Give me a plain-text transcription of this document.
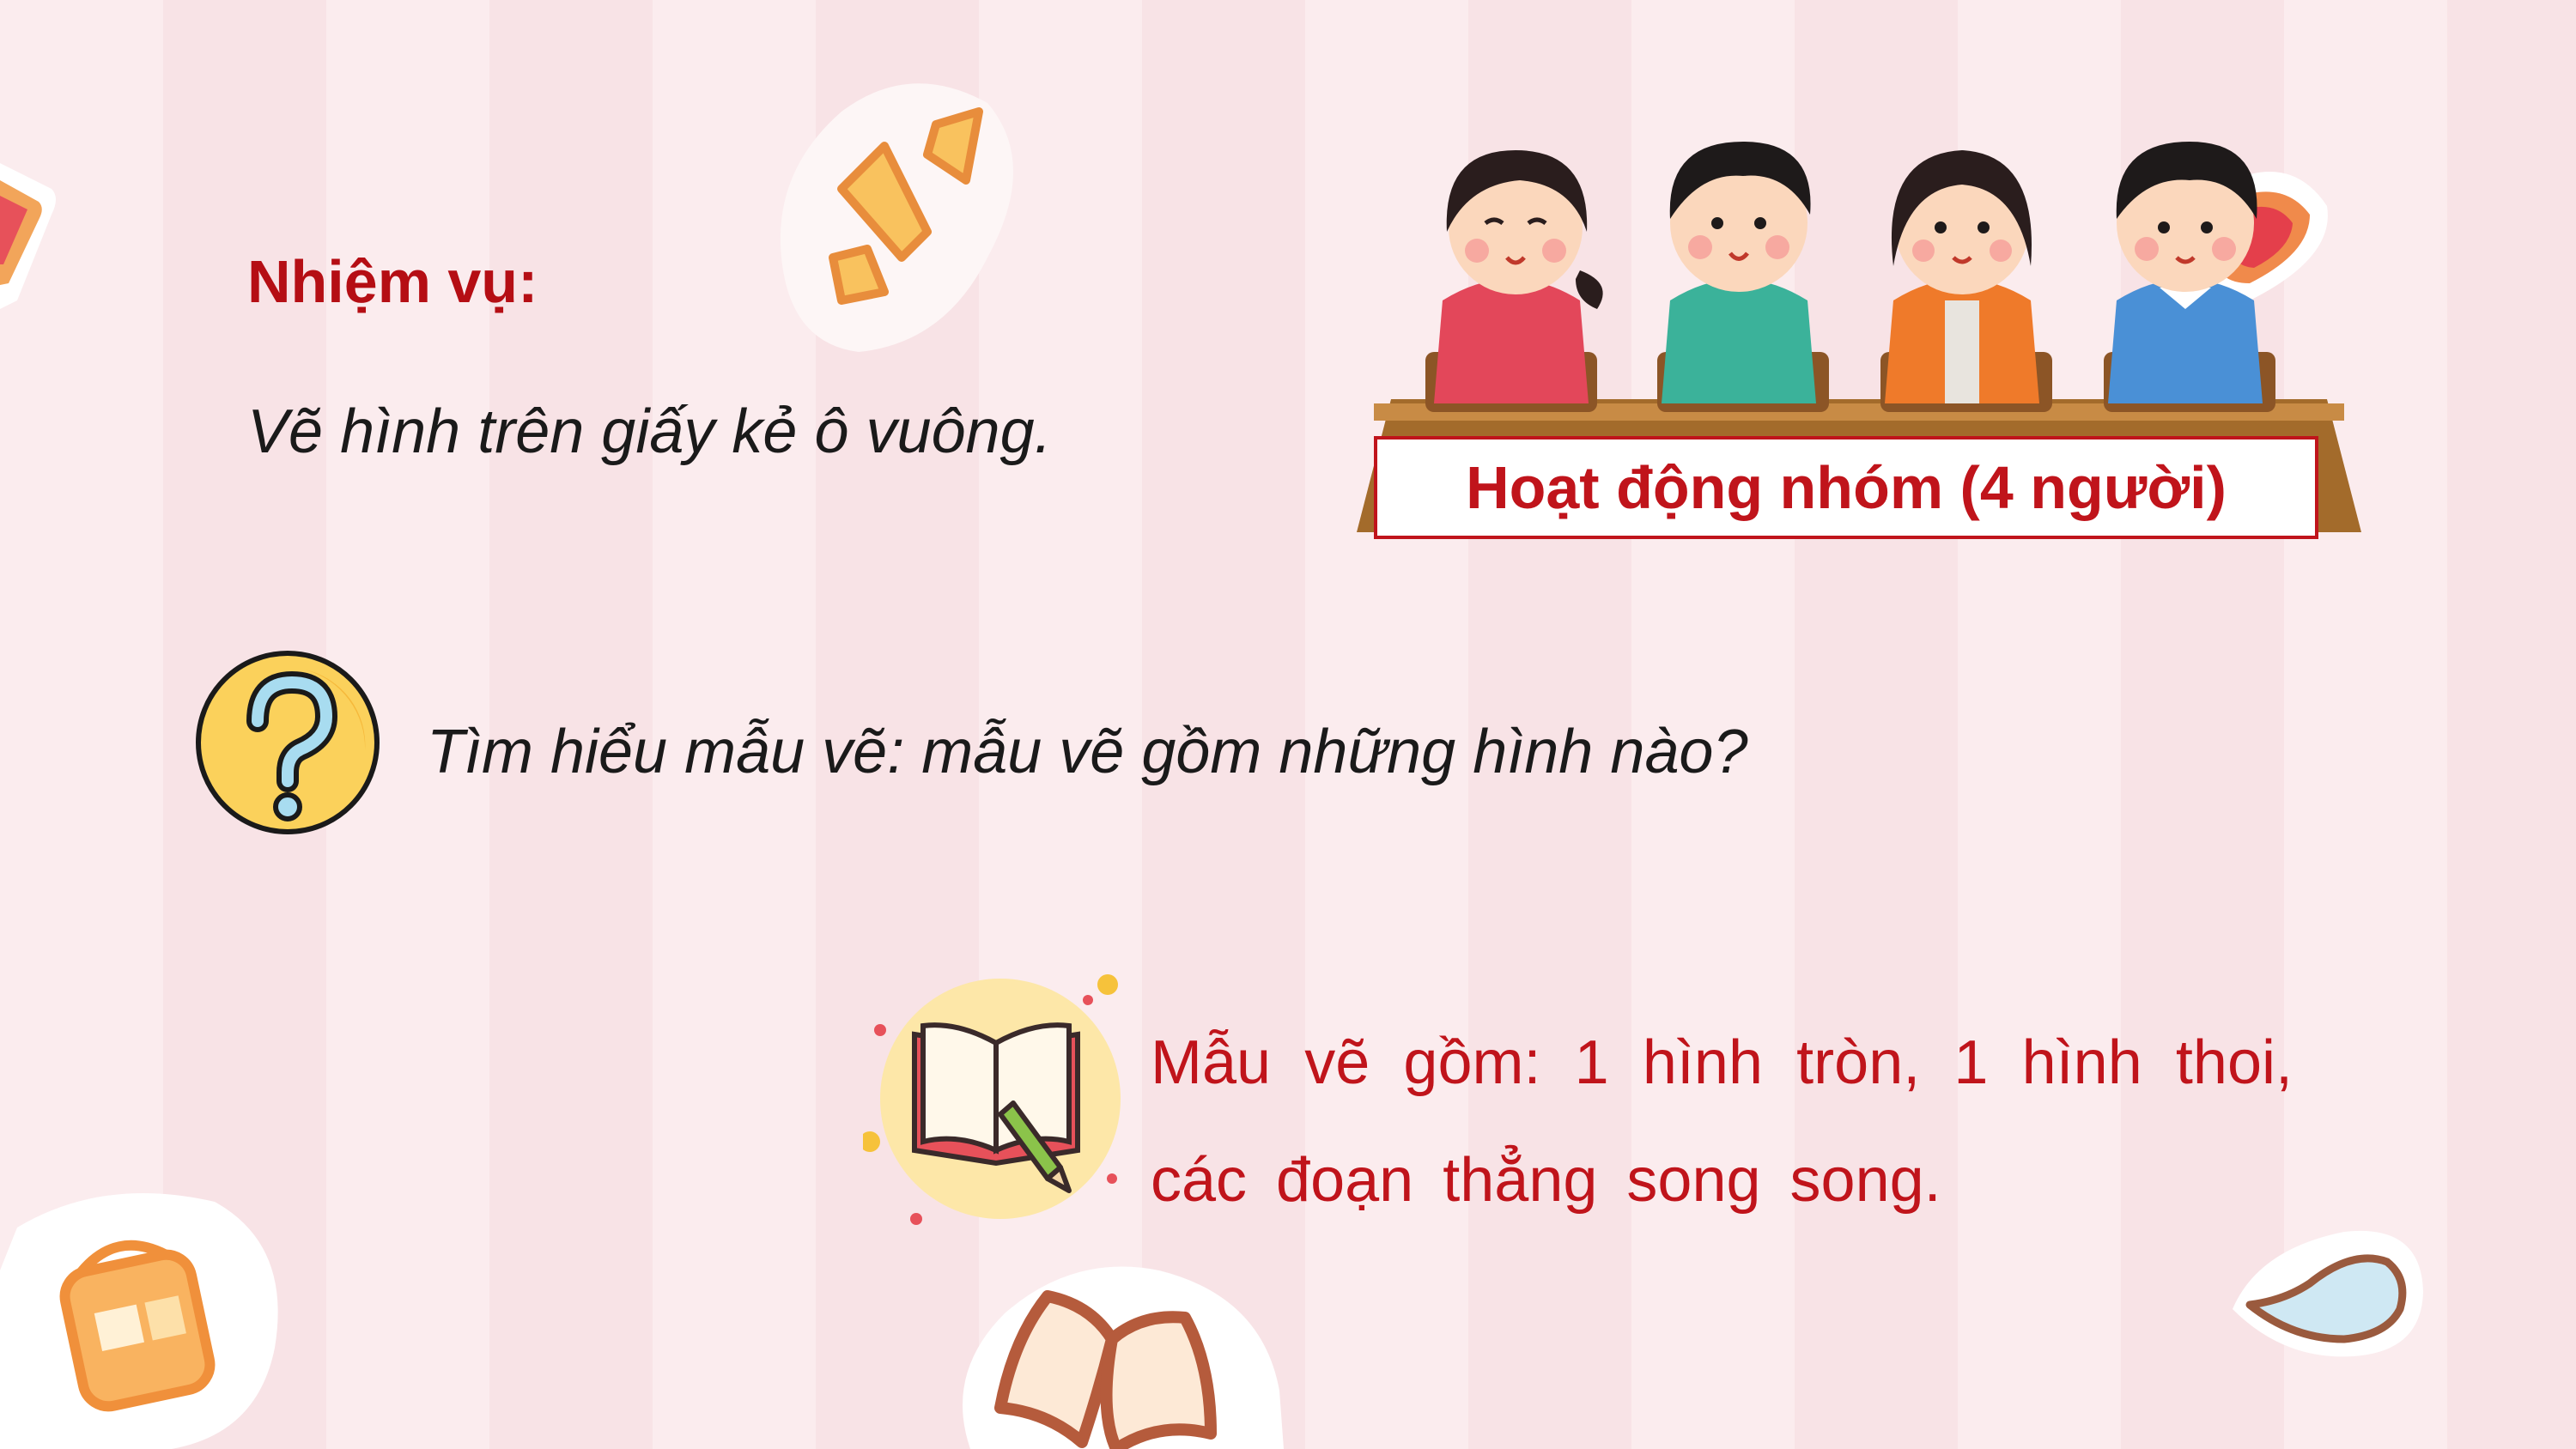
Nhiệm vụ:

Vẽ hình trên giấy kẻ ô vuông.

Hoạt động nhóm (4 người)

Tìm hiểu mẫu vẽ: mẫu vẽ gồm những hình nào?

Mẫu vẽ gồm: 1 hình tròn, 1 hình thoi, các đoạn thẳng song song.
